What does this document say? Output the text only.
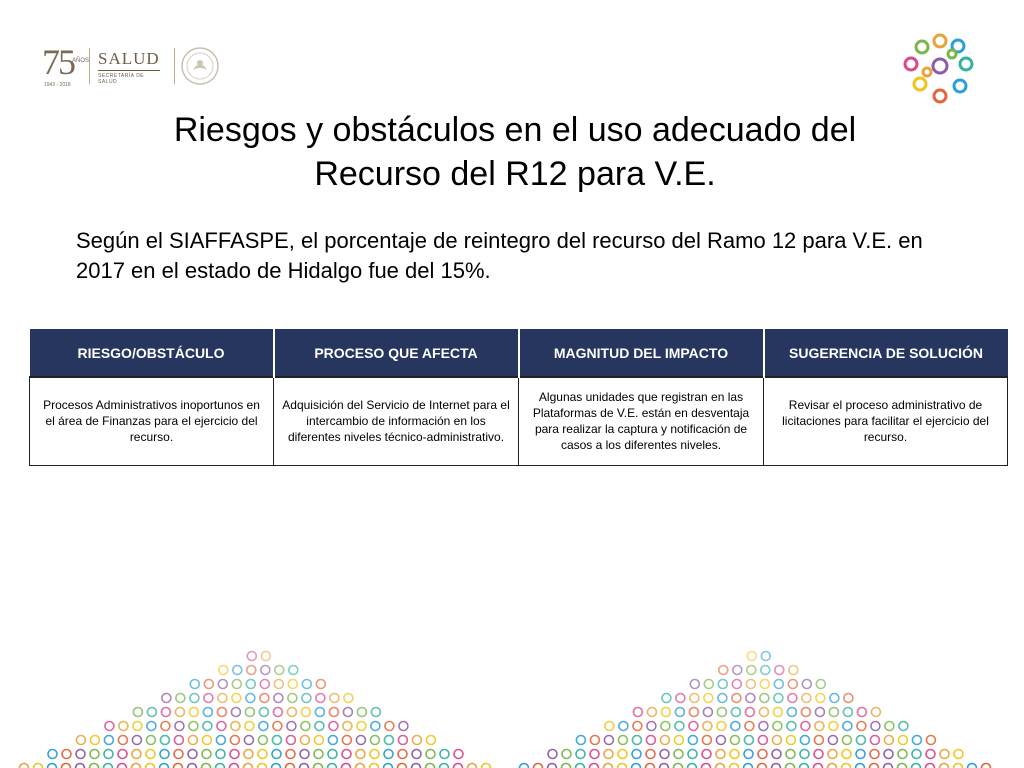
75
AÑOS
1943 - 2018
SALUD
SECRETARÍA DE SALUD
Riesgos y obstáculos en el uso adecuado del
Recurso del R12 para V.E.
Según el SIAFFASPE, el porcentaje de reintegro del recurso del Ramo 12 para V.E. en 2017 en el estado de Hidalgo fue del 15%.
RIESGO/OBSTÁCULO	PROCESO QUE AFECTA	MAGNITUD DEL IMPACTO	SUGERENCIA DE SOLUCIÓN
Procesos Administrativos inoportunos en el área de Finanzas para el ejercicio del recurso.	Adquisición del Servicio de Internet para el intercambio de información en los diferentes niveles técnico-administrativo.	Algunas unidades que registran en las Plataformas de V.E. están en desventaja para realizar la captura y notificación de casos a los diferentes niveles.	Revisar el proceso administrativo de licitaciones para facilitar el ejercicio del recurso.
